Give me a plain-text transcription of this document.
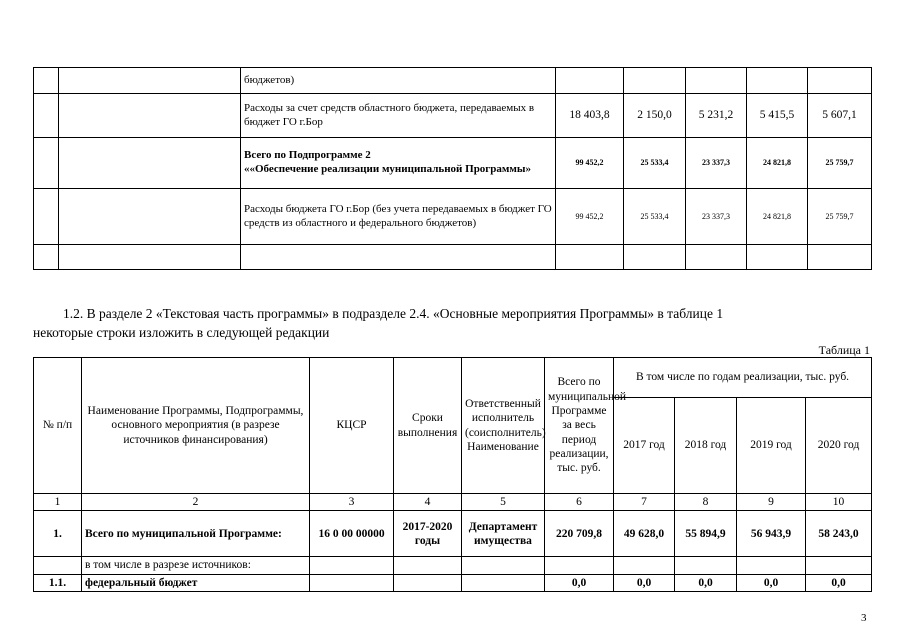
		бюджетов)					
		Расходы за счет средств областного бюджета, передаваемых в бюджет ГО г.Бор	18 403,8	2 150,0	5 231,2	5 415,5	5 607,1
		Всего по Подпрограмме 2
««Обеспечение реализации муниципальной Программы»	99 452,2	25 533,4	23 337,3	24 821,8	25 759,7
		Расходы бюджета ГО г.Бор (без учета передаваемых в бюджет ГО средств из областного и федерального бюджетов)	99 452,2	25 533,4	23 337,3	24 821,8	25 759,7

1.2. В разделе 2 «Текстовая часть программы» в подразделе 2.4. «Основные мероприятия Программы» в таблице 1
некоторые строки изложить в следующей редакции
Таблица 1
№ п/п	Наименование Программы, Подпрограммы, основного мероприятия (в разрезе источников финансирования)	КЦСР	Сроки выполнения	Ответственный исполнитель (соисполнитель) Наименование	Всего по муниципальной Программе за весь период реализации, тыс. руб.	В том числе по годам реализации, тыс. руб.			
						2017 год	2018 год	2019 год	2020 год
1	2	3	4	5	6	7	8	9	10
1.	Всего по муниципальной Программе:	16 0 00 00000	2017-2020 годы	Департамент имущества	220 709,8	49 628,0	55 894,9	56 943,9	58 243,0
	в том числе в разрезе источников:								
1.1.	федеральный бюджет				0,0	0,0	0,0	0,0	0,0
3
